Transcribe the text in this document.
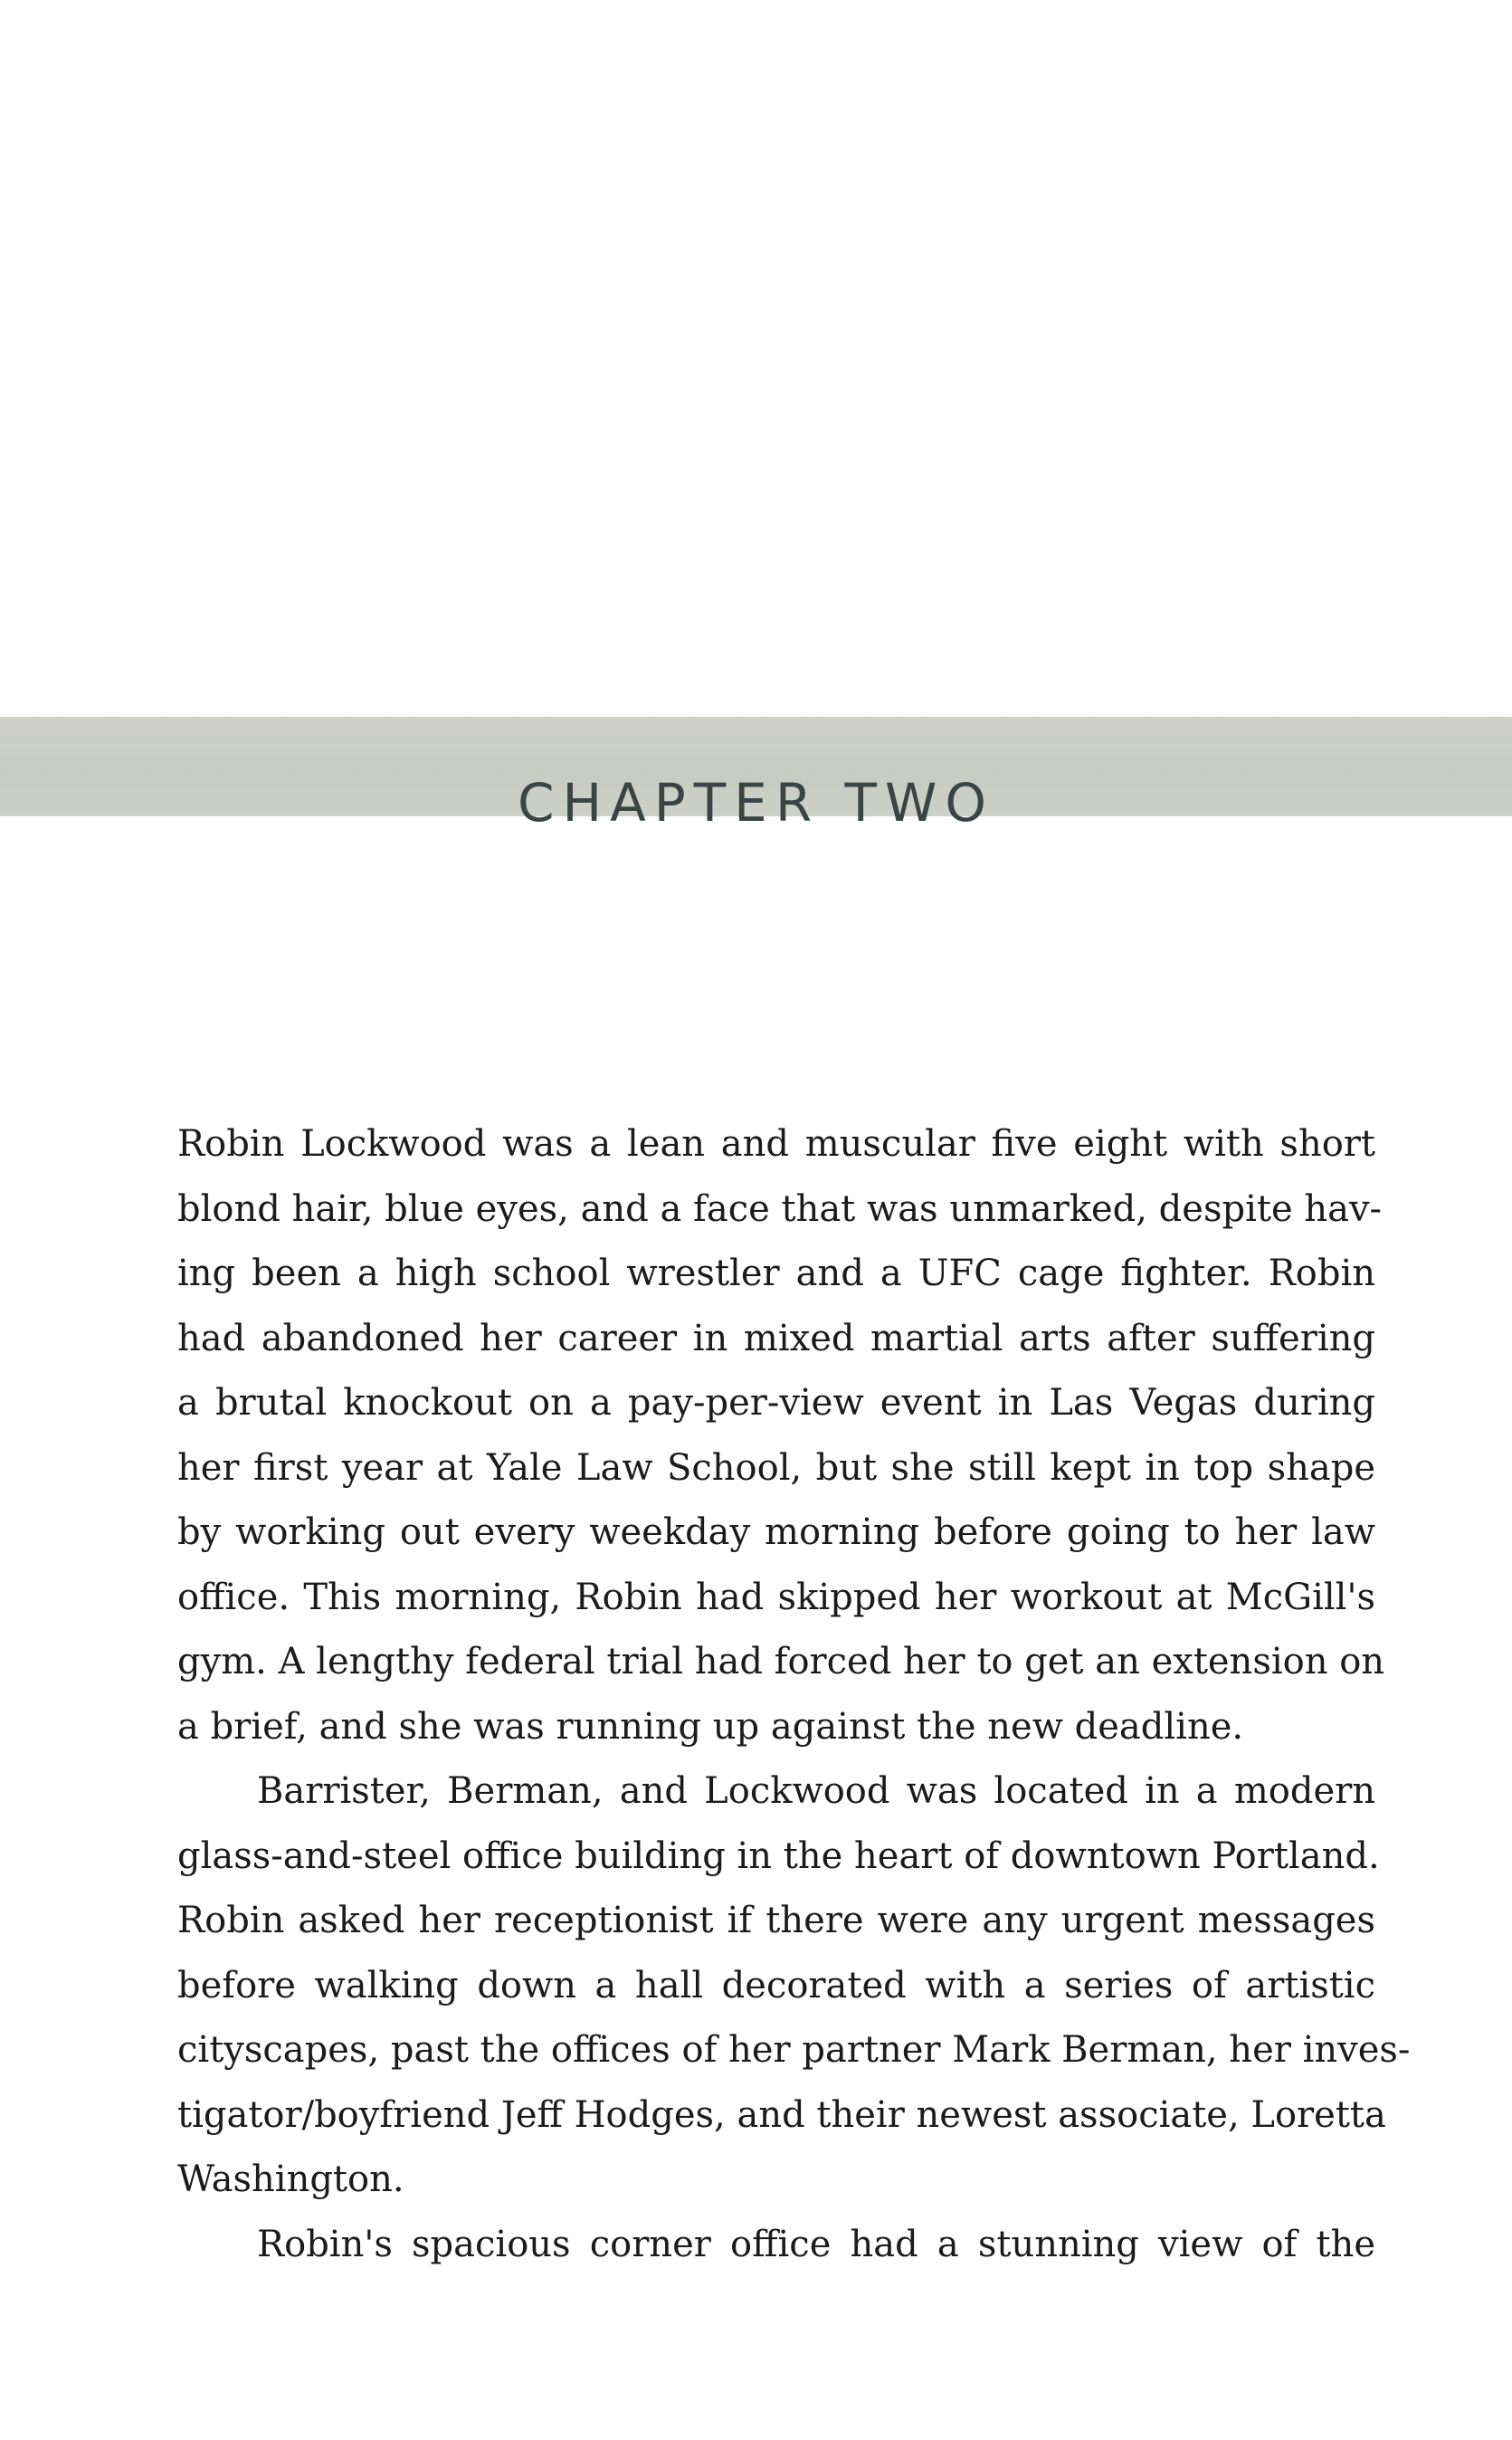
CHAPTER TWO
Robin Lockwood was a lean and muscular five eight with short
blond hair, blue eyes, and a face that was unmarked, despite hav-
ing been a high school wrestler and a UFC cage fighter. Robin
had abandoned her career in mixed martial arts after suffering
a brutal knockout on a pay-per-view event in Las Vegas during
her first year at Yale Law School, but she still kept in top shape
by working out every weekday morning before going to her law
office. This morning, Robin had skipped her workout at McGill's
gym. A lengthy federal trial had forced her to get an extension on
a brief, and she was running up against the new deadline.
Barrister, Berman, and Lockwood was located in a modern
glass-and-steel office building in the heart of downtown Portland.
Robin asked her receptionist if there were any urgent messages
before walking down a hall decorated with a series of artistic
cityscapes, past the offices of her partner Mark Berman, her inves-
tigator/boyfriend Jeff Hodges, and their newest associate, Loretta
Washington.
Robin's spacious corner office had a stunning view of the
